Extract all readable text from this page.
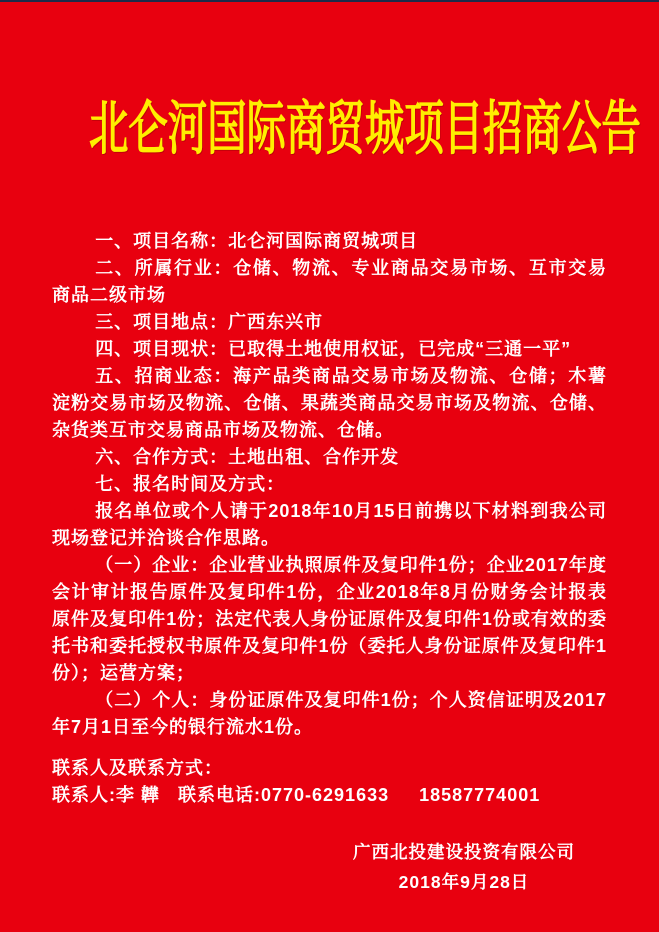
北仑河国际商贸城项目招商公告

一、项目名称：北仑河国际商贸城项目

二、所属行业：仓储、物流、专业商品交易市场、互市交易商品二级市场

三、项目地点：广西东兴市

四、项目现状：已取得土地使用权证，已完成“三通一平”

五、招商业态：海产品类商品交易市场及物流、仓储；木薯淀粉交易市场及物流、仓储、果蔬类商品交易市场及物流、仓储、杂货类互市交易商品市场及物流、仓储。

六、合作方式：土地出租、合作开发

七、报名时间及方式：

报名单位或个人请于2018年10月15日前携以下材料到我公司现场登记并洽谈合作思路。

（一）企业：企业营业执照原件及复印件1份；企业2017年度会计审计报告原件及复印件1份，企业2018年8月份财务会计报表原件及复印件1份；法定代表人身份证原件及复印件1份或有效的委托书和委托授权书原件及复印件1份（委托人身份证原件及复印件1份）；运营方案；

（二）个人：身份证原件及复印件1份；个人资信证明及2017年7月1日至今的银行流水1份。

联系人及联系方式：

联系人:李 韡   联系电话:0770-6291633     18587774001

广西北投建设投资有限公司

2018年9月28日
